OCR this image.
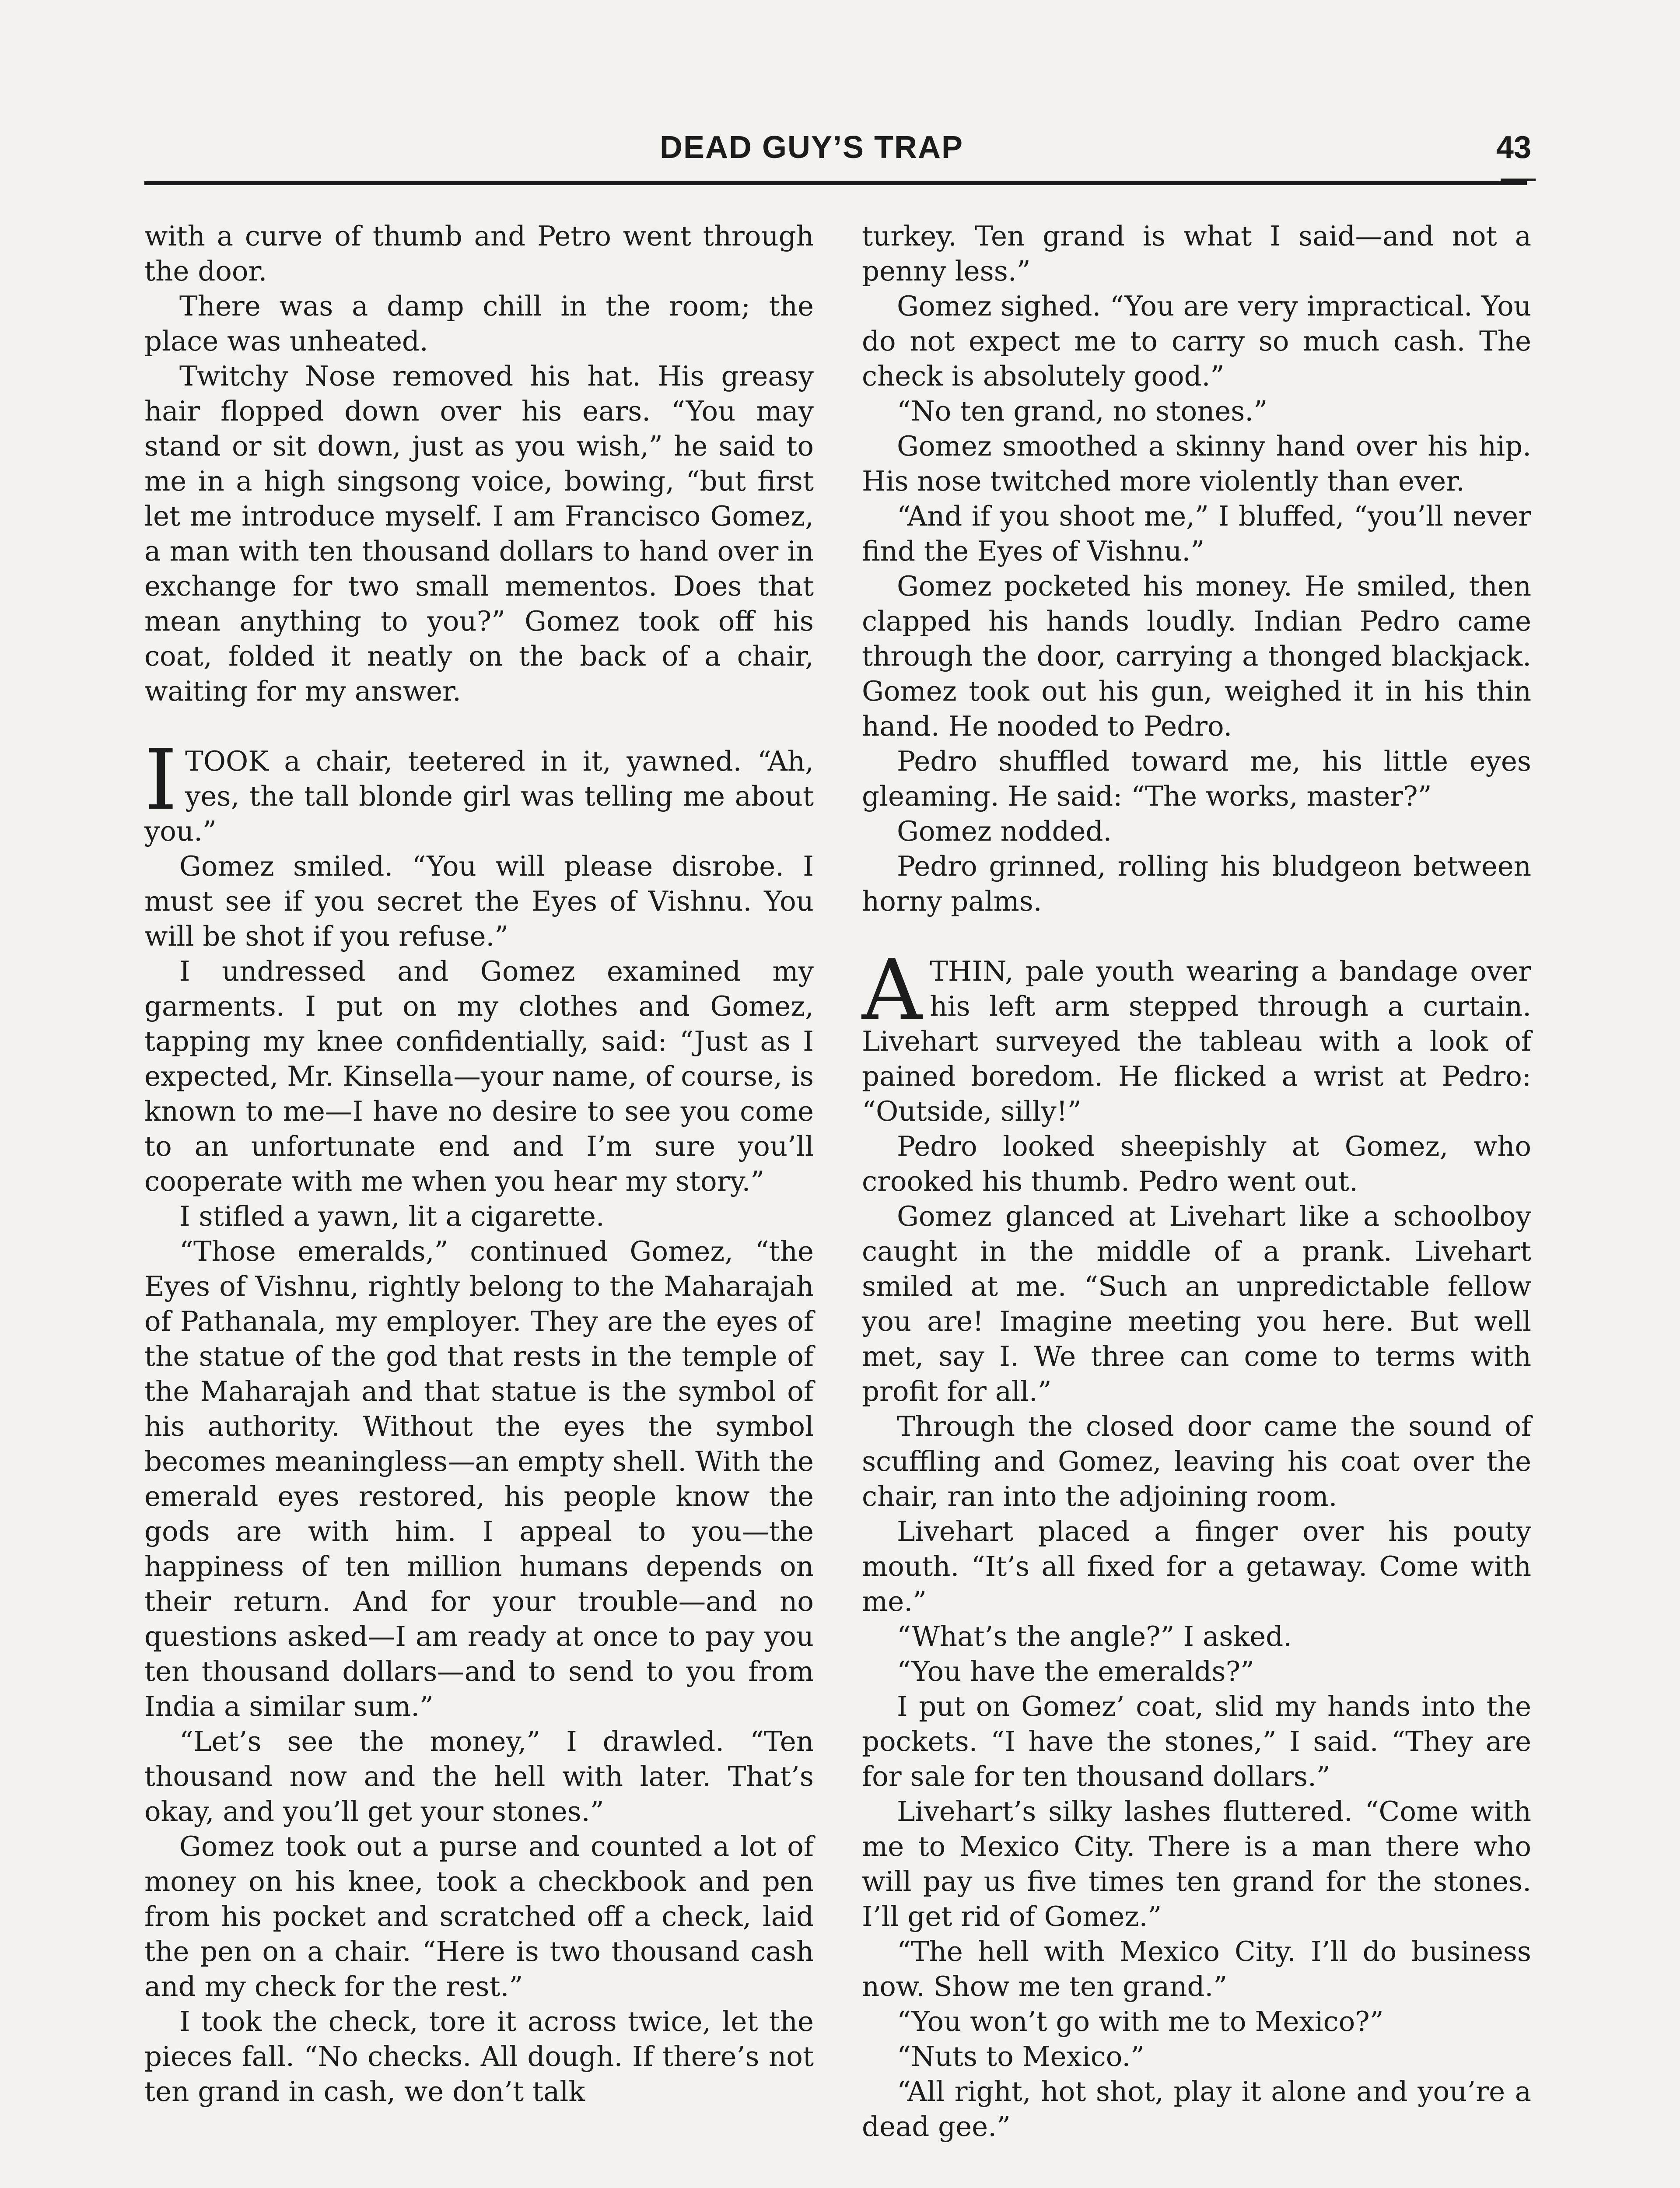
DEAD GUY’S TRAP	43

with a curve of thumb and Petro went through the door.

There was a damp chill in the room; the place was unheated.

Twitchy Nose removed his hat. His greasy hair flopped down over his ears. “You may stand or sit down, just as you wish,” he said to me in a high singsong voice, bowing, “but first let me introduce myself. I am Francisco Gomez, a man with ten thousand dollars to hand over in exchange for two small mementos. Does that mean anything to you?” Gomez took off his coat, folded it neatly on the back of a chair, waiting for my answer.

ITOOK a chair, teetered in it, yawned. “Ah, yes, the tall blonde girl was telling me about you.”

Gomez smiled. “You will please disrobe. I must see if you secret the Eyes of Vishnu. You will be shot if you refuse.”

I undressed and Gomez examined my garments. I put on my clothes and Gomez, tapping my knee confidentially, said: “Just as I expected, Mr. Kinsella—your name, of course, is known to me—I have no desire to see you come to an unfortunate end and I’m sure you’ll cooperate with me when you hear my story.”

I stifled a yawn, lit a cigarette.

“Those emeralds,” continued Gomez, “the Eyes of Vishnu, rightly belong to the Maharajah of Pathanala, my employer. They are the eyes of the statue of the god that rests in the temple of the Maharajah and that statue is the symbol of his authority. Without the eyes the symbol becomes meaningless—an empty shell. With the emerald eyes restored, his people know the gods are with him. I appeal to you—the happiness of ten million humans depends on their return. And for your trouble—and no questions asked—I am ready at once to pay you ten thousand dollars—and to send to you from India a similar sum.”

“Let’s see the money,” I drawled. “Ten thousand now and the hell with later. That’s okay, and you’ll get your stones.”

Gomez took out a purse and counted a lot of money on his knee, took a checkbook and pen from his pocket and scratched off a check, laid the pen on a chair. “Here is two thousand cash and my check for the rest.”

I took the check, tore it across twice, let the pieces fall. “No checks. All dough. If there’s not ten grand in cash, we don’t talk

turkey. Ten grand is what I said—and not a penny less.”

Gomez sighed. “You are very impractical. You do not expect me to carry so much cash. The check is absolutely good.”

“No ten grand, no stones.”

Gomez smoothed a skinny hand over his hip. His nose twitched more violently than ever.

“And if you shoot me,” I bluffed, “you’ll never find the Eyes of Vishnu.”

Gomez pocketed his money. He smiled, then clapped his hands loudly. Indian Pedro came through the door, carrying a thonged blackjack. Gomez took out his gun, weighed it in his thin hand. He nooded to Pedro.

Pedro shuffled toward me, his little eyes gleaming. He said: “The works, master?”

Gomez nodded.

Pedro grinned, rolling his bludgeon between horny palms.

ATHIN, pale youth wearing a bandage over his left arm stepped through a curtain. Livehart surveyed the tableau with a look of pained boredom. He flicked a wrist at Pedro: “Outside, silly!”

Pedro looked sheepishly at Gomez, who crooked his thumb. Pedro went out.

Gomez glanced at Livehart like a schoolboy caught in the middle of a prank. Livehart smiled at me. “Such an unpredictable fellow you are! Imagine meeting you here. But well met, say I. We three can come to terms with profit for all.”

Through the closed door came the sound of scuffling and Gomez, leaving his coat over the chair, ran into the adjoining room.

Livehart placed a finger over his pouty mouth. “It’s all fixed for a getaway. Come with me.”

“What’s the angle?” I asked.

“You have the emeralds?”

I put on Gomez’ coat, slid my hands into the pockets. “I have the stones,” I said. “They are for sale for ten thousand dollars.”

Livehart’s silky lashes fluttered. “Come with me to Mexico City. There is a man there who will pay us five times ten grand for the stones. I’ll get rid of Gomez.”

“The hell with Mexico City. I’ll do business now. Show me ten grand.”

“You won’t go with me to Mexico?”

“Nuts to Mexico.”

“All right, hot shot, play it alone and you’re a dead gee.”
